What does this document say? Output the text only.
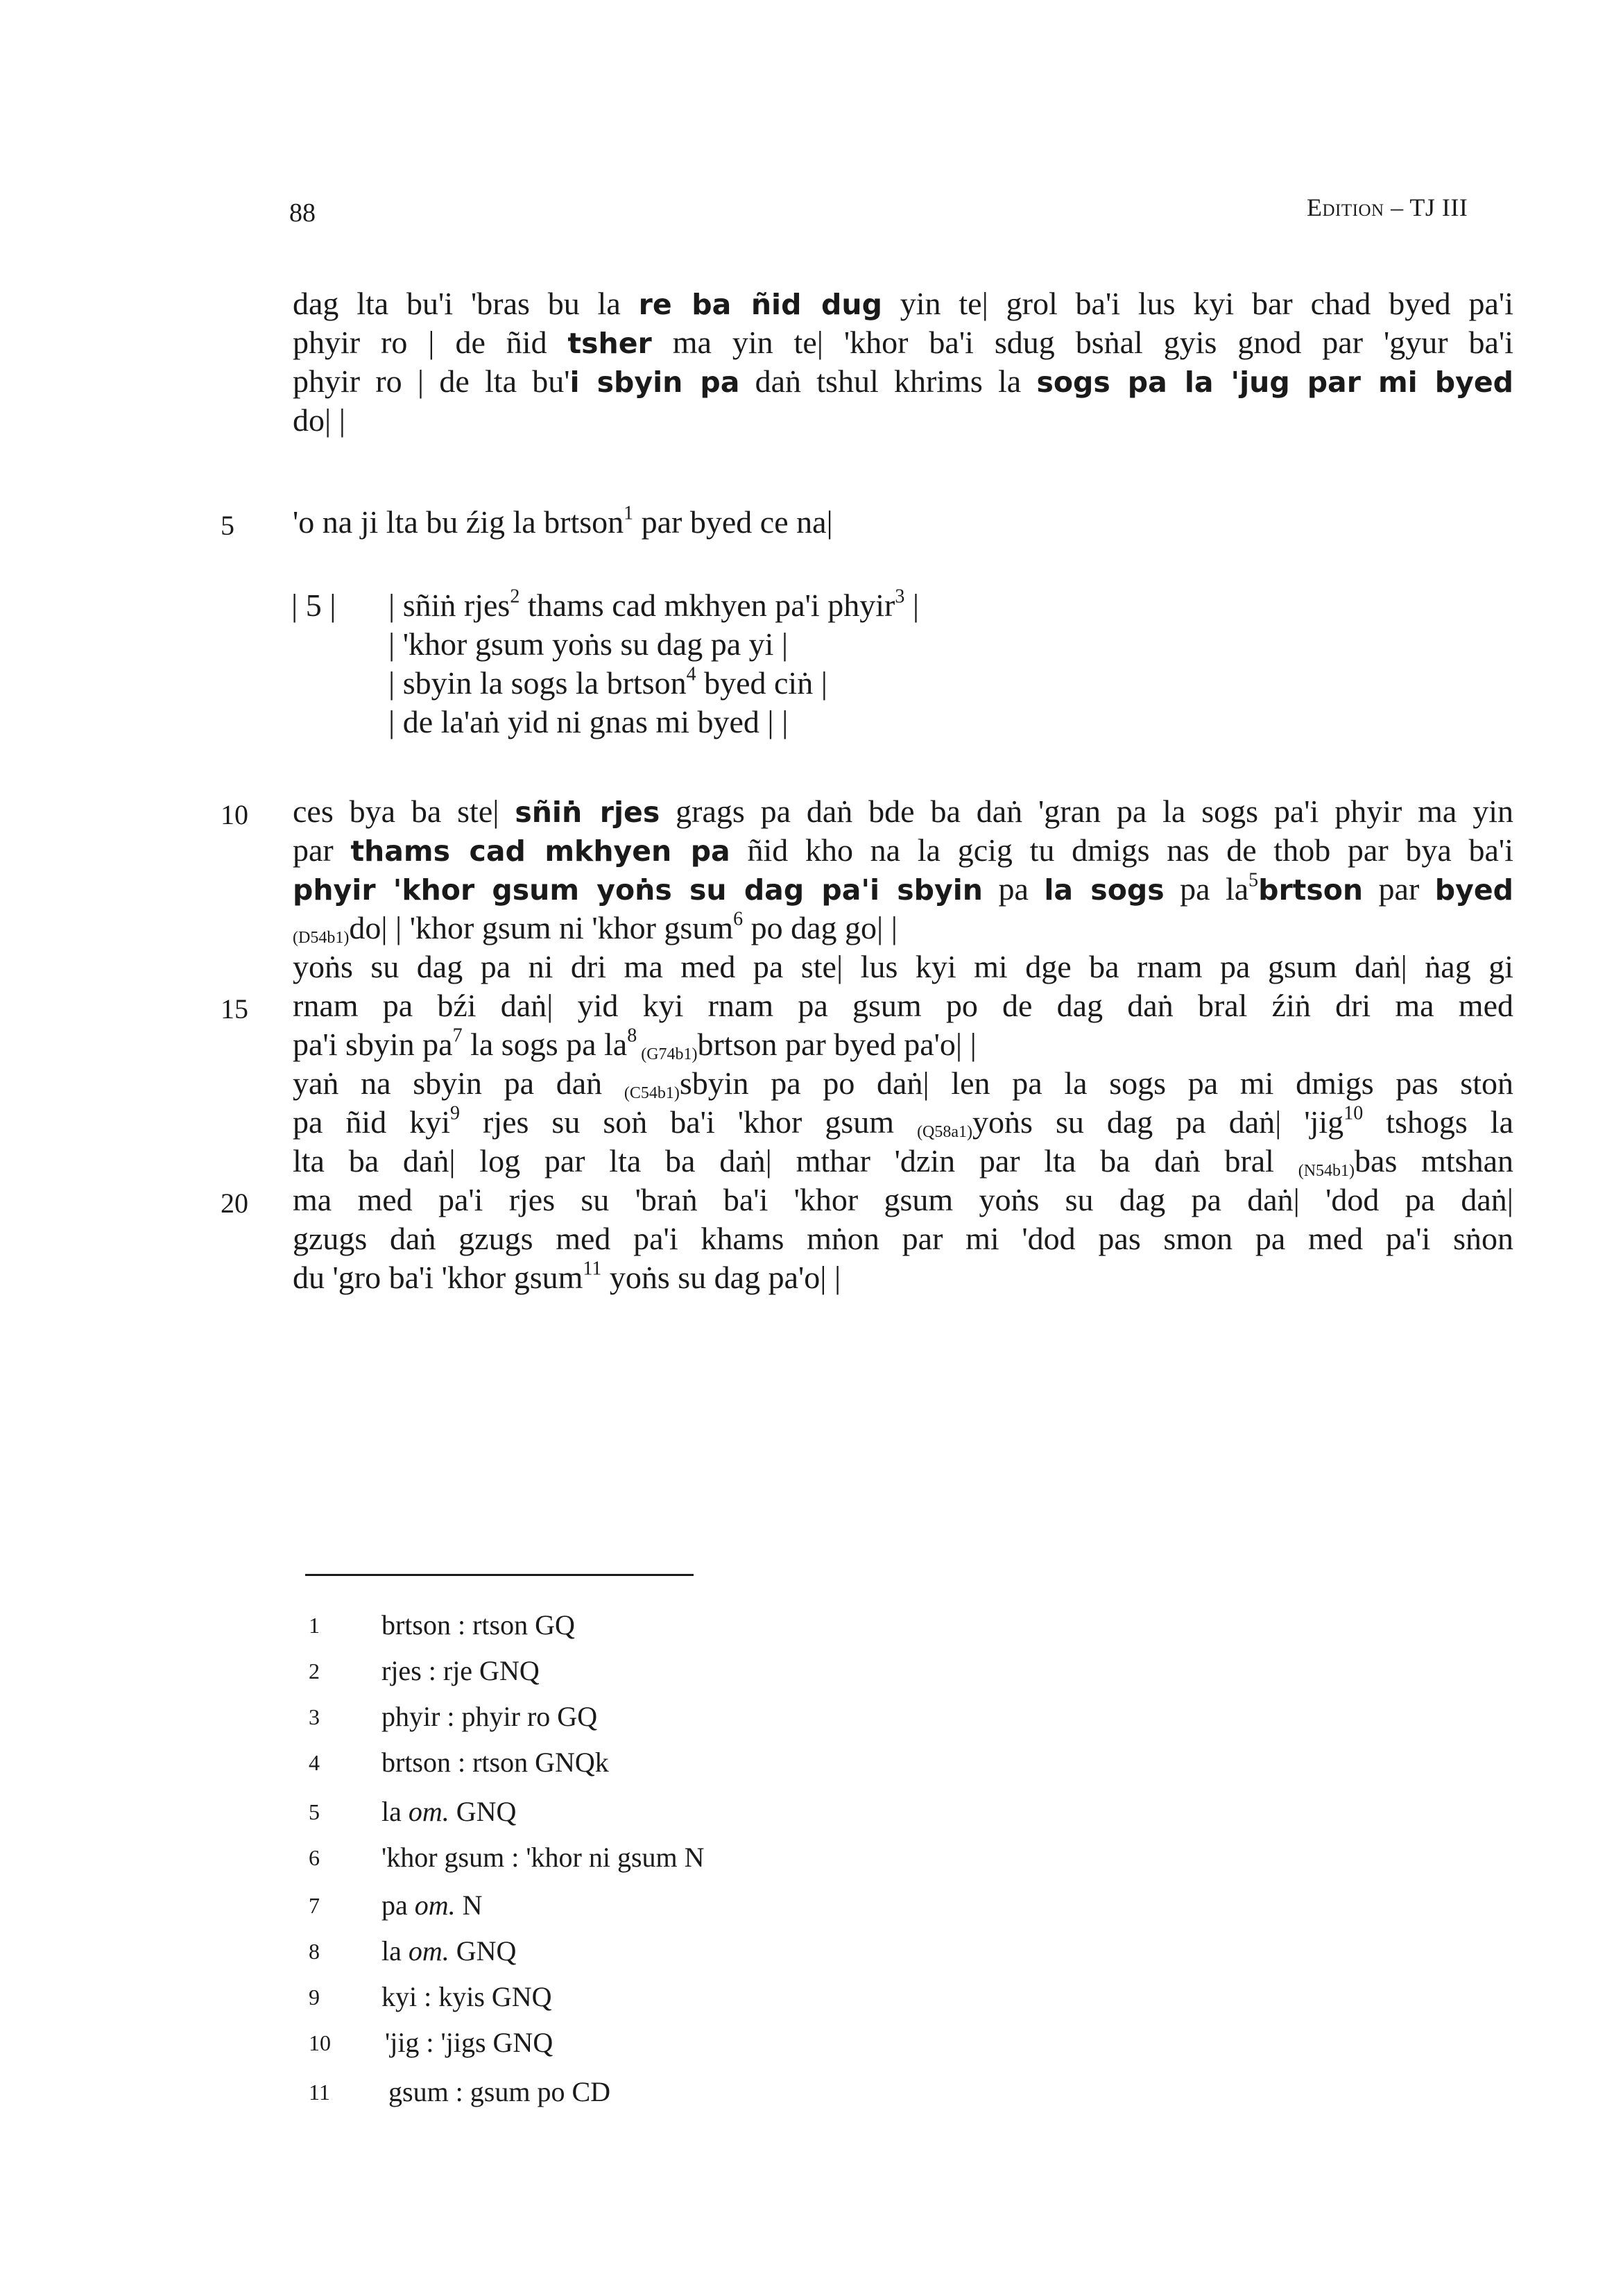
88	Edition – TJ III
dag lta bu'i 'bras bu la re ba ñid dug yin te| grol ba'i lus kyi bar chad byed pa'i
phyir ro | de ñid tsher ma yin te| 'khor ba'i sdug bsṅal gyis gnod par 'gyur ba'i
phyir ro | de lta bu'i sbyin pa daṅ tshul khrims la sogs pa la 'jug par mi byed
do| |
5 'o na ji lta bu źig la brtson$^1$ par byed ce na|
| 5 | | sñiṅ rjes$^2$ thams cad mkhyen pa'i phyir$^3$ |
| 'khor gsum yoṅs su dag pa yi |
| sbyin la sogs la brtson$^4$ byed ciṅ |
| de la'aṅ yid ni gnas mi byed | |
10 ces bya ba ste| sñiṅ rjes grags pa daṅ bde ba daṅ 'gran pa la sogs pa'i phyir ma yin
par thams cad mkhyen pa ñid kho na la gcig tu dmigs nas de thob par bya ba'i
phyir 'khor gsum yoṅs su dag pa'i sbyin pa la sogs pa $la^5brtson$ par byed
$_{(D54b1)}$do| | 'khor gsum ni 'khor gsum$^6$ po dag go| |
yoṅs su dag pa ni dri ma med pa ste| lus kyi mi dge ba rnam pa gsum daṅ| ṅag gi
15 rnam pa bźi daṅ| yid kyi rnam pa gsum po de dag daṅ bral źiṅ dri ma med
pa'i sbyin $pa^7$ la sogs pa $la^8$ $_{(G74b1)}$brtson par byed pa'o| |
yaṅ na sbyin pa daṅ $_{(C54b1)}$sbyin pa po daṅ| len pa la sogs pa mi dmigs pas stoṅ
pa ñid kyi$^9$ rjes su soṅ ba'i 'khor gsum $_{(Q58a1)}$yoṅs su dag pa daṅ| 'jig$^{10}$ tshogs la
lta ba daṅ| log par lta ba daṅ| mthar 'dzin par lta ba daṅ bral $_{(N54b1)}$bas mtshan
20 ma med pa'i rjes su 'braṅ ba'i 'khor gsum yoṅs su dag pa daṅ| 'dod pa daṅ|
gzugs daṅ gzugs med pa'i khams mṅon par mi 'dod pas smon pa med pa'i sṅon
du 'gro ba'i 'khor gsum$^{11}$ yoṅs su dag pa'o| |
1 brtson : rtson GQ
2 rjes : rje GNQ
3 phyir : phyir ro GQ
4 brtson : rtson GNQk
5 la om. GNQ
6 'khor gsum : 'khor ni gsum N
7 pa om. N
8 la om. GNQ
9 kyi : kyis GNQ
10 'jig : 'jigs GNQ
11 gsum : gsum po CD
